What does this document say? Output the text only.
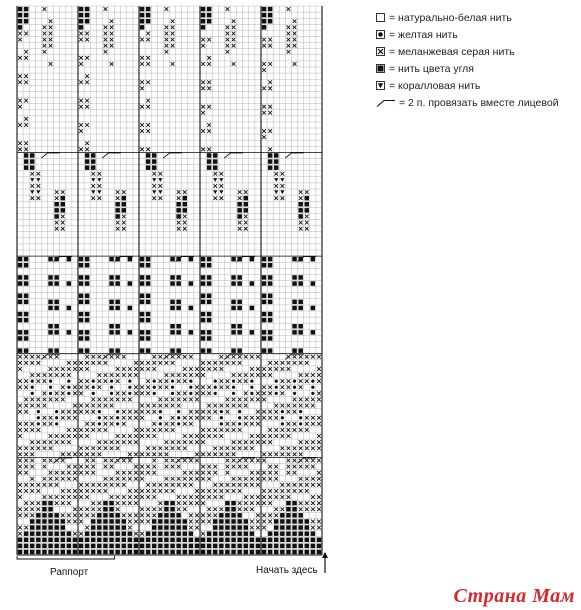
= натурально-белая нить
= желтая нить
= меланжевая серая нить
= нить цвета угля
= коралловая нить
= 2 п. провязать вместе лицевой
Раппорт	Начать здесь
Страна Мам
